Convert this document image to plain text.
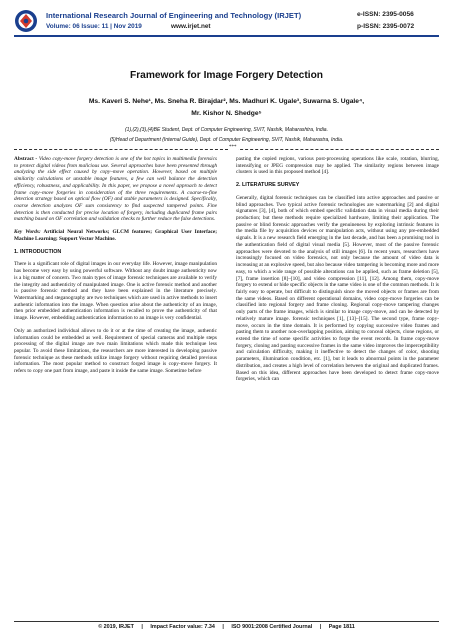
International Research Journal of Engineering and Technology (IRJET)
Volume: 06 Issue: 11 | Nov 2019	www.irjet.net
e-ISSN: 2395-0056
p-ISSN: 2395-0072
Framework for Image Forgery Detection
Ms. Kaveri S. Nehe¹, Ms. Sneha R. Birajdar², Ms. Madhuri K. Ugale³, Suwarna S. Ugale⁴,
Mr. Kishor N. Shedge⁵
(1),(2),(3),(4)BE Student, Dept. of Computer Engineering, SVIT, Nashik, Maharashtra, India.
(5)Head of Department (Internal Guide), Dept. of Computer Engineering, SVIT, Nashik, Maharastra, India.
***

Abstract - Video copy-move forgery detection is one of the hot topics in multimedia forensics to protect digital videos from malicious use. Several approaches have been presented through analyzing the side effect caused by copy–move operation. However, based on multiple similarity calculations or unstable image features, a few can well balance the detection efficiency, robustness, and applicability. In this paper, we propose a novel approach to detect frame copy–move forgeries in consideration of the three requirements. A coarse-to-fine detection strategy based on optical flow (OF) and stable parameters is designed. Specifically, coarse detection analyzes OF sum consistency to find suspected tampered points. Fine detection is then conducted for precise location of forgery, including duplicated frame pairs matching based on OF correlation and validation checks to further reduce the false detections.

Key Words: Artificial Neural Networks; GLCM features; Graphical User Interface; Machine Learning; Support Vector Machine.

1. INTRODUCTION

There is a significant role of digital images in our everyday life. However, image manipulation has become very easy by using powerful software. Without any doubt image authenticity now is a big matter of concern. Two main types of image forensic techniques are available to verify the integrity and authenticity of manipulated image. One is active forensic method and another is passive forensic method and they have been explained in the literature precisely. Watermarking and steganography are two techniques which are used in active methods to insert authentic information into the image. When question arise about the authenticity of an image, then prior embedded authentication information is recalled to prove the authenticity of that image. However, embedding authentication information to an image is very confidential.

Only an authorized individual allows to do it or at the time of creating the image, authentic information could be embedded as well. Requirement of special cameras and multiple steps processing of the digital image are two main limitations which made this technique less popular. To avoid these limitations, the researchers are more interested in developing passive forensic technique as these methods utilize image forgery without requiring detailed previous information. The most popular method to construct forged image is copy-move forgery. It refers to copy one part from image, and paste it inside the same image. Sometime before

pasting the copied regions, various post-processing operations like scale, rotation, blurring, intensifying or JPEG compression may be applied. The similarity regions between image clusters is used in this proposed method [4].

2. LITERATURE SURVEY

Generally, digital forensic techniques can be classified into active approaches and passive or blind approaches. Two typical active forensic technologies are watermarking [2] and digital signatures [3], [4], both of which embed specific validation data in visual media during their production; but these methods require specialized hardware, limiting their application. The passive or blind forensic approaches verify the genuineness by exploring intrinsic features in the media file by acquisition devices or manipulation acts, without using any pre-embedded signals. It is a new research field emerging in the last decade, and has been a promising tool in the authentication field of digital visual media [5]. However, most of the passive forensic approaches were devoted to the analysis of still images [6]. In recent years, researchers have increasingly focused on video forensics, not only because the amount of video data is increasing at an explosive speed, but also because video tampering is becoming more and more easy, to which a wide range of possible alterations can be applied, such as frame deletion [5], [7], frame insertion [8]–[10], and video compression [11], [12]. Among them, copy-move forgery to extend or hide specific objects in the same video is one of the common methods. It is fairly easy to operate, but difficult to distinguish since the moved objects or frames are from the same videos. Based on different operational domains, video copy-move forgeries can be classified into regional forgery and frame cloning. Regional copy-move tampering changes only parts of the frame images, which is similar to image copy-move, and can be detected by relatively mature image. forensic techniques [1], [13]–[15]. The second type, frame copy-move, occurs in the time domain. It is performed by copying successive video frames and pasting them to another non-overlapping position, aiming to conceal objects, clone regions, or extend the time of some specific activities to forge the event records. In frame copy-move forgery, cloning and pasting successive frames in the same video improves the imperceptibility and calculation difficulty, making it ineffective to detect the changes of color, shooting parameters, illumination condition, etc. [1], but it leads to abnormal points in the parameter distribution, and creates a high level of correlation between the original and duplicated frames. Based on this idea, different approaches have been developed to detect frame copy-move forgeries, which can

© 2019, IRJET     |     Impact Factor value: 7.34     |     ISO 9001:2008 Certified Journal     |     Page 1811
